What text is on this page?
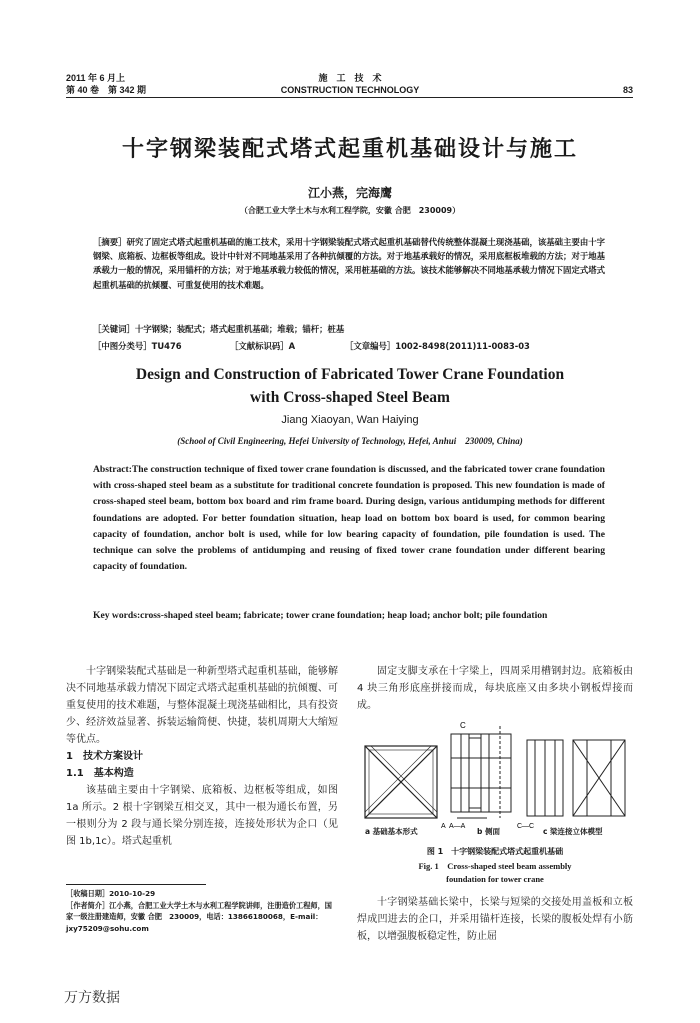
2011 年 6 月上
第 40 卷　第 342 期
施　工　技　术
CONSTRUCTION TECHNOLOGY	83
十字钢梁装配式塔式起重机基础设计与施工
江小燕，完海鹰
（合肥工业大学土木与水利工程学院，安徽 合肥　230009）
［摘要］研究了固定式塔式起重机基础的施工技术，采用十字钢梁装配式塔式起重机基础替代传统整体混凝土现浇基础，该基础主要由十字钢梁、底箱板、边框板等组成。设计中针对不同地基采用了各种抗倾覆的方法。对于地基承载好的情况，采用底框板堆载的方法；对于地基承载力一般的情况，采用锚杆的方法；对于地基承载力较低的情况，采用桩基础的方法。该技术能够解决不同地基承载力情况下固定式塔式起重机基础的抗倾覆、可重复使用的技术难题。
［关键词］十字钢梁；装配式；塔式起重机基础；堆载；锚杆；桩基
［中图分类号］TU476	［文献标识码］A	［文章编号］1002-8498(2011)11-0083-03
Design and Construction of Fabricated Tower Crane Foundation
with Cross-shaped Steel Beam
Jiang Xiaoyan, Wan Haiying
(School of Civil Engineering, Hefei University of Technology, Hefei, Anhui　230009, China)
Abstract:The construction technique of fixed tower crane foundation is discussed, and the fabricated tower crane foundation with cross-shaped steel beam as a substitute for traditional concrete foundation is proposed. This new foundation is made of cross-shaped steel beam, bottom box board and rim frame board. During design, various antidumping methods for different foundations are adopted. For better foundation situation, heap load on bottom box board is used, for common bearing capacity of foundation, anchor bolt is used, while for low bearing capacity of foundation, pile foundation is used. The technique can solve the problems of antidumping and reusing of fixed tower crane foundation under different bearing capacity of foundation.
Key words:cross-shaped steel beam; fabricate; tower crane foundation; heap load; anchor bolt; pile foundation

十字钢梁装配式基础是一种新型塔式起重机基础，能够解决不同地基承载力情况下固定式塔式起重机基础的抗倾覆、可重复使用的技术难题，与整体混凝土现浇基础相比，具有投资少、经济效益显著、拆装运输简便、快捷，装机周期大大缩短等优点。

1　技术方案设计

1.1　基本构造

该基础主要由十字钢梁、底箱板、边框板等组成，如图 1a 所示。2 根十字钢梁互相交叉，其中一根为通长布置，另一根则分为 2 段与通长梁分别连接，连接处形状为企口（见图 1b,1c）。塔式起重机

固定支脚支承在十字梁上，四周采用槽钢封边。底箱板由 4 块三角形底座拼接而成，每块底座又由多块小钢板焊接而成。

C
A—A	C—C
A
a 基础基本形式	b 侧面	c 梁连接立体模型
图 1　十字钢梁装配式塔式起重机基础
Fig. 1　Cross-shaped steel beam assembly
foundation for tower crane

十字钢梁基础长梁中，长梁与短梁的交接处用盖板和立板焊成凹进去的企口，并采用锚杆连接，长梁的腹板处焊有小筋板，以增强腹板稳定性，防止屈

［收稿日期］2010-10-29
［作者简介］江小燕，合肥工业大学土木与水利工程学院讲师，注册造价工程师，国家一级注册建造师，安徽 合肥　230009，电话：13866180068，E-mail：jxy75209@sohu.com
万方数据
